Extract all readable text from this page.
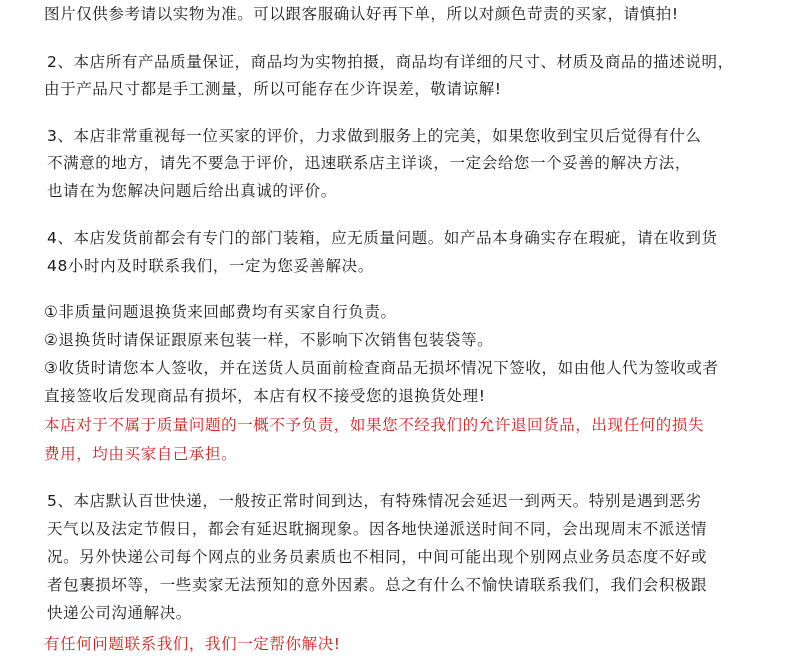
图片仅供参考请以实物为准。可以跟客服确认好再下单，所以对颜色苛责的买家，请慎拍!
2、本店所有产品质量保证，商品均为实物拍摄，商品均有详细的尺寸、材质及商品的描述说明，
由于产品尺寸都是手工测量，所以可能存在少许误差，敬请谅解!
3、本店非常重视每一位买家的评价，力求做到服务上的完美，如果您收到宝贝后觉得有什么
不满意的地方，请先不要急于评价，迅速联系店主详谈，一定会给您一个妥善的解决方法，
也请在为您解决问题后给出真诚的评价。
4、本店发货前都会有专门的部门装箱，应无质量问题。如产品本身确实存在瑕疵，请在收到货
48小时内及时联系我们，一定为您妥善解决。
①非质量问题退换货来回邮费均有买家自行负责。
②退换货时请保证跟原来包装一样，不影响下次销售包装袋等。
③收货时请您本人签收，并在送货人员面前检查商品无损坏情况下签收，如由他人代为签收或者
直接签收后发现商品有损坏，本店有权不接受您的退换货处理!
本店对于不属于质量问题的一概不予负责，如果您不经我们的允许退回货品，出现任何的损失
费用，均由买家自己承担。
5、本店默认百世快递，一般按正常时间到达，有特殊情况会延迟一到两天。特别是遇到恶劣
天气以及法定节假日，都会有延迟耽搁现象。因各地快递派送时间不同，会出现周末不派送情
况。另外快递公司每个网点的业务员素质也不相同，中间可能出现个别网点业务员态度不好或
者包裹损坏等，一些卖家无法预知的意外因素。总之有什么不愉快请联系我们，我们会积极跟
快递公司沟通解决。
有任何问题联系我们，我们一定帮你解决!
